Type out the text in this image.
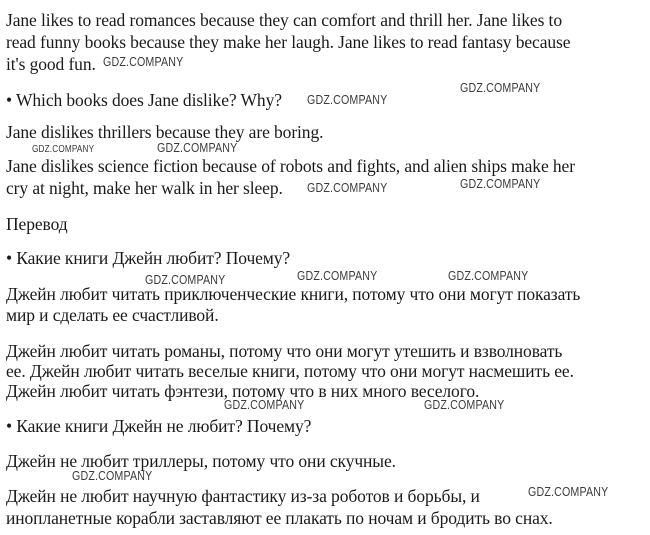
Jane likes to read romances because they can comfort and thrill her. Jane likes to
read funny books because they make her laugh. Jane likes to read fantasy because
it's good fun.
• Which books does Jane dislike? Why?
Jane dislikes thrillers because they are boring.
Jane dislikes science fiction because of robots and fights, and alien ships make her
cry at night, make her walk in her sleep.
Перевод
• Какие книги Джейн любит? Почему?
Джейн любит читать приключенческие книги, потому что они могут показать
мир и сделать ее счастливой.
Джейн любит читать романы, потому что они могут утешить и взволновать
ее. Джейн любит читать веселые книги, потому что они могут насмешить ее.
Джейн любит читать фэнтези, потому что в них много веселого.
• Какие книги Джейн не любит? Почему?
Джейн не любит триллеры, потому что они скучные.
Джейн не любит научную фантастику из-за роботов и борьбы, и
инопланетные корабли заставляют ее плакать по ночам и бродить во снах.
GDZ.COMPANY
GDZ.COMPANY
GDZ.COMPANY
GDZ.COMPANY
GDZ.COMPANY
GDZ.COMPANY
GDZ.COMPANY
GDZ.COMPANY	GDZ.COMPANY
GDZ.COMPANY
GDZ.COMPANY	GDZ.COMPANY
GDZ.COMPANY
GDZ.COMPANY
